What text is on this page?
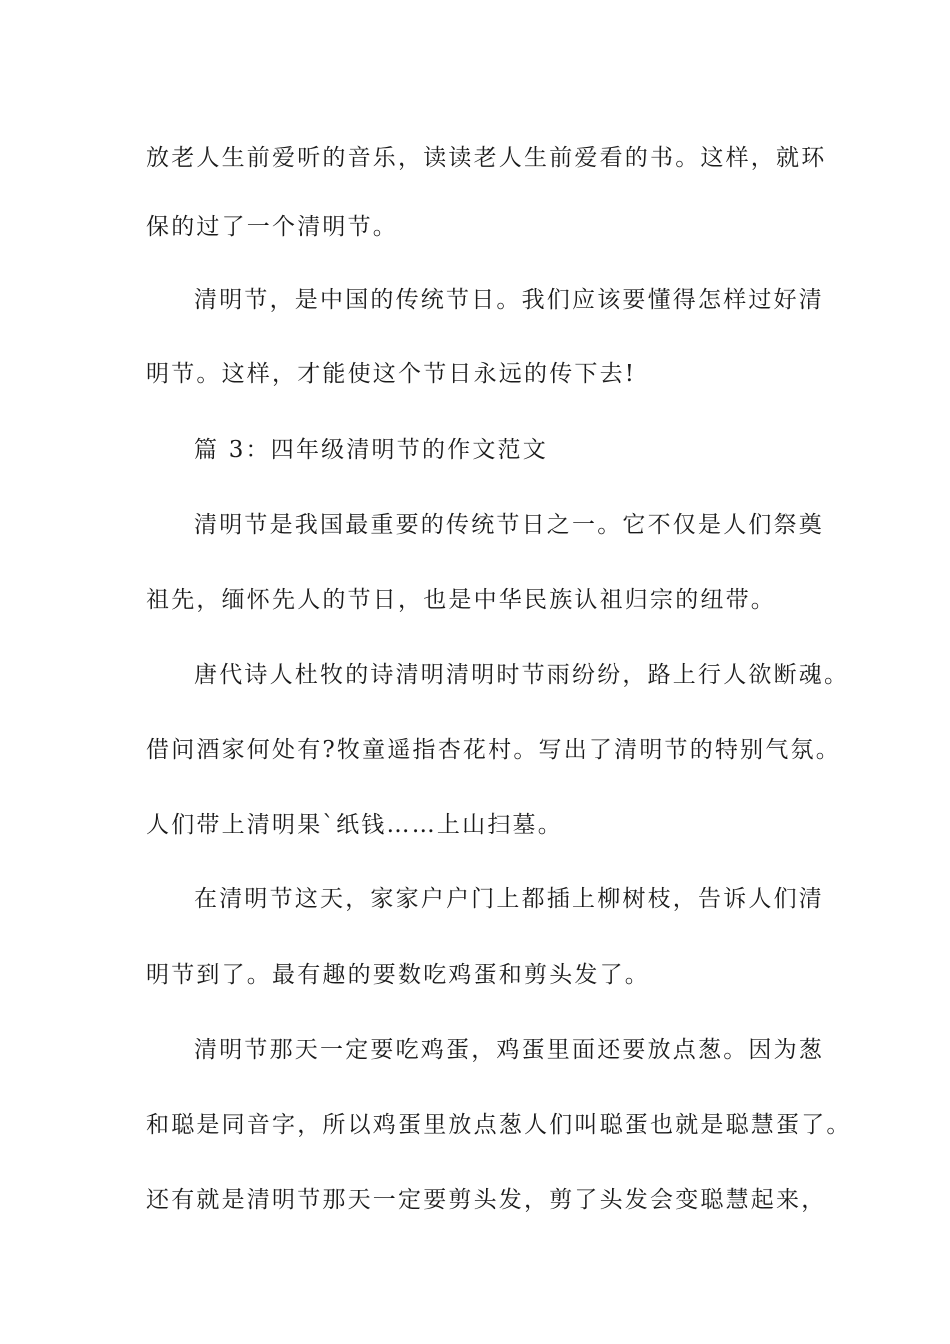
放老人生前爱听的音乐，读读老人生前爱看的书。这样，就环
保的过了一个清明节。
清明节，是中国的传统节日。我们应该要懂得怎样过好清
明节。这样，才能使这个节日永远的传下去!
篇 3：四年级清明节的作文范文
清明节是我国最重要的传统节日之一。它不仅是人们祭奠
祖先，缅怀先人的节日，也是中华民族认祖归宗的纽带。
唐代诗人杜牧的诗清明清明时节雨纷纷，路上行人欲断魂。
借问酒家何处有?牧童遥指杏花村。写出了清明节的特别气氛。
人们带上清明果`纸钱……上山扫墓。
在清明节这天，家家户户门上都插上柳树枝，告诉人们清
明节到了。最有趣的要数吃鸡蛋和剪头发了。
清明节那天一定要吃鸡蛋，鸡蛋里面还要放点葱。因为葱
和聪是同音字，所以鸡蛋里放点葱人们叫聪蛋也就是聪慧蛋了。
还有就是清明节那天一定要剪头发，剪了头发会变聪慧起来，
